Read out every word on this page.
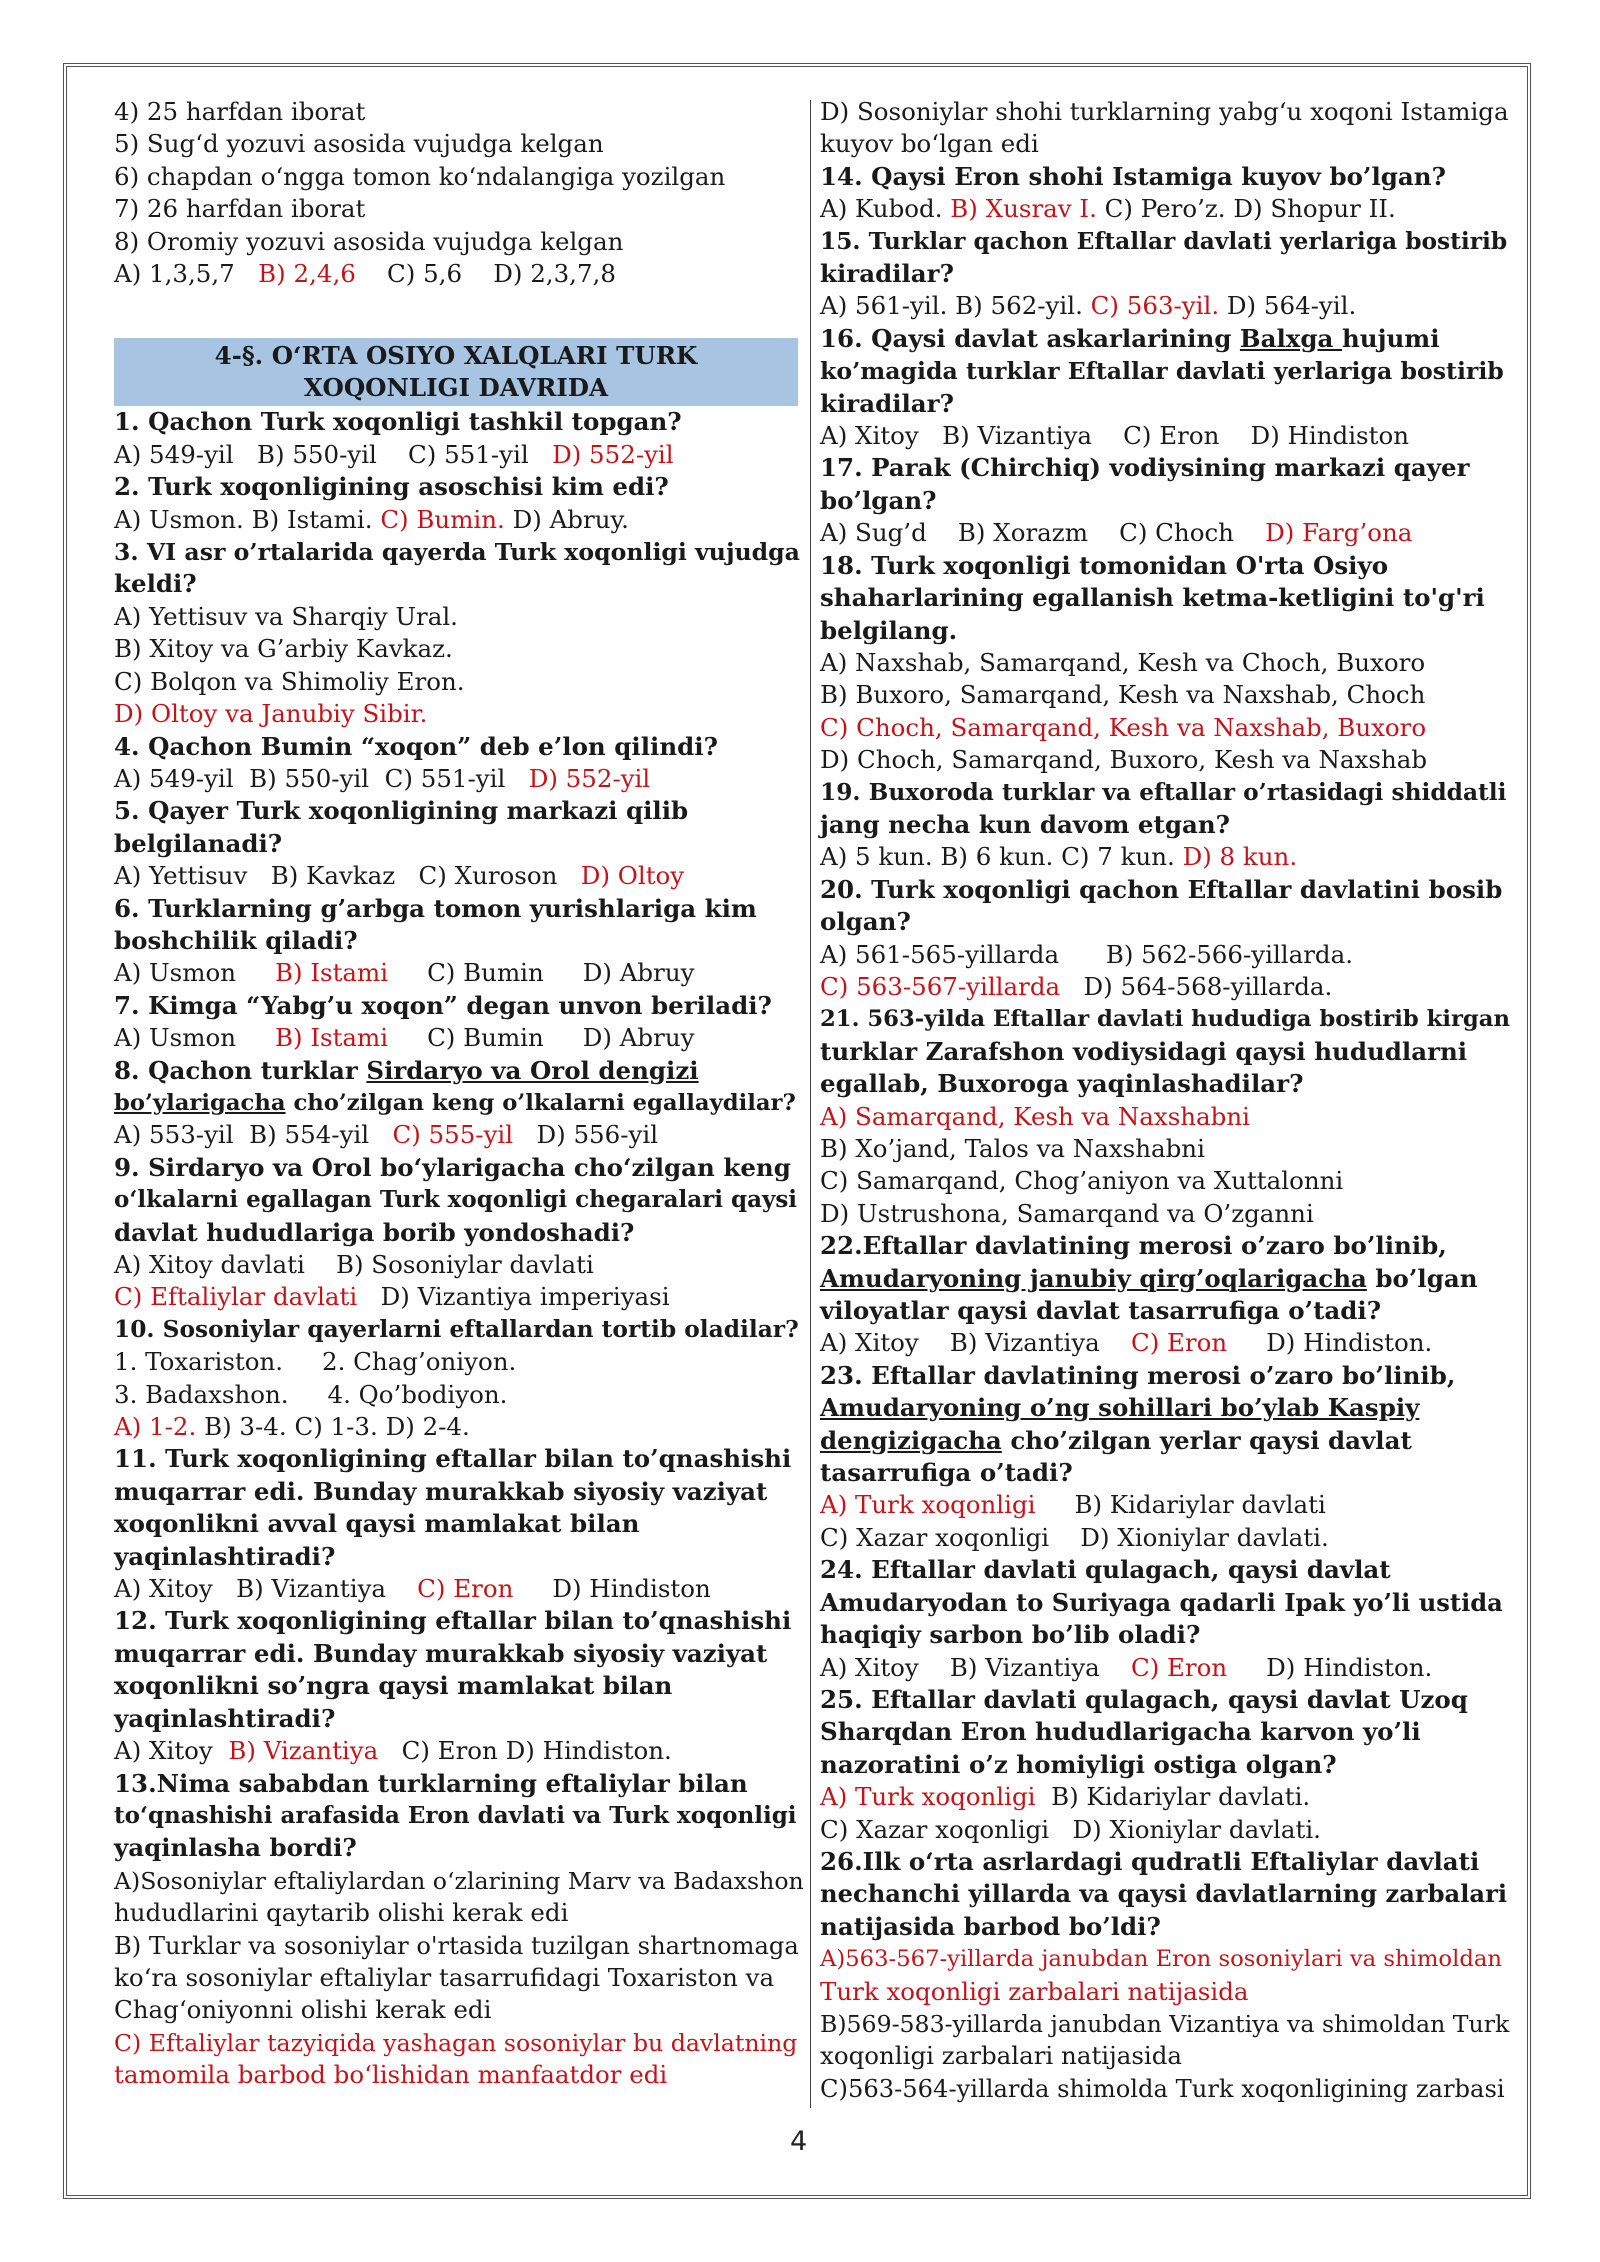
4) 25 harfdan iborat
5) Sug‘d yozuvi asosida vujudga kelgan
6) chapdan o‘ngga tomon ko‘ndalangiga yozilgan
7) 26 harfdan iborat
8) Oromiy yozuvi asosida vujudga kelgan
A) 1,3,5,7 B) 2,4,6 C) 5,6 D) 2,3,7,8
4-§. O‘RTA OSIYO XALQLARI TURK
XOQONLIGI DAVRIDA
1. Qachon Turk xoqonligi tashkil topgan?
A) 549-yil B) 550-yil C) 551-yil D) 552-yil
2. Turk xoqonligining asoschisi kim edi?
A) Usmon. B) Istami. C) Bumin. D) Abruy.
3. VI asr o’rtalarida qayerda Turk xoqonligi vujudga
keldi?
A) Yettisuv va Sharqiy Ural.
B) Xitoy va G’arbiy Kavkaz.
C) Bolqon va Shimoliy Eron.
D) Oltoy va Janubiy Sibir.
4. Qachon Bumin “xoqon” deb e’lon qilindi?
A) 549-yil B) 550-yil C) 551-yil D) 552-yil
5. Qayer Turk xoqonligining markazi qilib
belgilanadi?
A) Yettisuv B) Kavkaz C) Xuroson D) Oltoy
6. Turklarning g’arbga tomon yurishlariga kim
boshchilik qiladi?
A) Usmon B) Istami C) Bumin D) Abruy
7. Kimga “Yabg’u xoqon” degan unvon beriladi?
A) Usmon B) Istami C) Bumin D) Abruy
8. Qachon turklar Sirdaryo va Orol dengizi
bo’ylarigacha cho’zilgan keng o’lkalarni egallaydilar?
A) 553-yil B) 554-yil C) 555-yil D) 556-yil
9. Sirdaryo va Orol bo‘ylarigacha cho‘zilgan keng
o‘lkalarni egallagan Turk xoqonligi chegaralari qaysi
davlat hududlariga borib yondoshadi?
A) Xitoy davlati B) Sosoniylar davlati
C) Eftaliylar davlati D) Vizantiya imperiyasi
10. Sosoniylar qayerlarni eftallardan tortib oladilar?
1. Toxariston. 2. Chag’oniyon.
3. Badaxshon. 4. Qo’bodiyon.
A) 1-2. B) 3-4. C) 1-3. D) 2-4.
11. Turk xoqonligining eftallar bilan to’qnashishi
muqarrar edi. Bunday murakkab siyosiy vaziyat
xoqonlikni avval qaysi mamlakat bilan
yaqinlashtiradi?
A) Xitoy B) Vizantiya C) Eron D) Hindiston
12. Turk xoqonligining eftallar bilan to’qnashishi
muqarrar edi. Bunday murakkab siyosiy vaziyat
xoqonlikni so’ngra qaysi mamlakat bilan
yaqinlashtiradi?
A) Xitoy B) Vizantiya C) Eron D) Hindiston.
13.Nima sababdan turklarning eftaliylar bilan
to‘qnashishi arafasida Eron davlati va Turk xoqonligi
yaqinlasha bordi?
A)Sosoniylar eftaliylardan o‘zlarining Marv va Badaxshon
hududlarini qaytarib olishi kerak edi
B) Turklar va sosoniylar o'rtasida tuzilgan shartnomaga
ko‘ra sosoniylar eftaliylar tasarrufidagi Toxariston va
Chag‘oniyonni olishi kerak edi
C) Eftaliylar tazyiqida yashagan sosoniylar bu davlatning
tamomila barbod bo‘lishidan manfaatdor edi
D) Sosoniylar shohi turklarning yabg‘u xoqoni Istamiga
kuyov bo‘lgan edi
14. Qaysi Eron shohi Istamiga kuyov bo’lgan?
A) Kubod. B) Xusrav I. C) Pero’z. D) Shopur II.
15. Turklar qachon Eftallar davlati yerlariga bostirib
kiradilar?
A) 561-yil. B) 562-yil. C) 563-yil. D) 564-yil.
16. Qaysi davlat askarlarining Balxga hujumi
ko’magida turklar Eftallar davlati yerlariga bostirib
kiradilar?
A) Xitoy B) Vizantiya C) Eron D) Hindiston
17. Parak (Chirchiq) vodiysining markazi qayer
bo’lgan?
A) Sug’d B) Xorazm C) Choch D) Farg’ona
18. Turk xoqonligi tomonidan O'rta Osiyo
shaharlarining egallanish ketma-ketligini to'g'ri
belgilang.
A) Naxshab, Samarqand, Kesh va Choch, Buxoro
B) Buxoro, Samarqand, Kesh va Naxshab, Choch
C) Choch, Samarqand, Kesh va Naxshab, Buxoro
D) Choch, Samarqand, Buxoro, Kesh va Naxshab
19. Buxoroda turklar va eftallar o’rtasidagi shiddatli
jang necha kun davom etgan?
A) 5 kun. B) 6 kun. C) 7 kun. D) 8 kun.
20. Turk xoqonligi qachon Eftallar davlatini bosib
olgan?
A) 561-565-yillarda B) 562-566-yillarda.
C) 563-567-yillarda D) 564-568-yillarda.
21. 563-yilda Eftallar davlati hududiga bostirib kirgan
turklar Zarafshon vodiysidagi qaysi hududlarni
egallab, Buxoroga yaqinlashadilar?
A) Samarqand, Kesh va Naxshabni
B) Xo’jand, Talos va Naxshabni
C) Samarqand, Chog’aniyon va Xuttalonni
D) Ustrushona, Samarqand va O’zganni
22.Eftallar davlatining merosi o’zaro bo’linib,
Amudaryoning janubiy qirg’oqlarigacha bo’lgan
viloyatlar qaysi davlat tasarrufiga o’tadi?
A) Xitoy B) Vizantiya C) Eron D) Hindiston.
23. Eftallar davlatining merosi o’zaro bo’linib,
Amudaryoning o’ng sohillari bo’ylab Kaspiy
dengizigacha cho’zilgan yerlar qaysi davlat
tasarrufiga o’tadi?
A) Turk xoqonligi B) Kidariylar davlati
C) Xazar xoqonligi D) Xioniylar davlati.
24. Eftallar davlati qulagach, qaysi davlat
Amudaryodan to Suriyaga qadarli Ipak yo’li ustida
haqiqiy sarbon bo’lib oladi?
A) Xitoy B) Vizantiya C) Eron D) Hindiston.
25. Eftallar davlati qulagach, qaysi davlat Uzoq
Sharqdan Eron hududlarigacha karvon yo’li
nazoratini o’z homiyligi ostiga olgan?
A) Turk xoqonligi B) Kidariylar davlati.
C) Xazar xoqonligi D) Xioniylar davlati.
26.Ilk o‘rta asrlardagi qudratli Eftaliylar davlati
nechanchi yillarda va qaysi davlatlarning zarbalari
natijasida barbod bo’ldi?
A)563-567-yillarda janubdan Eron sosoniylari va shimoldan
Turk xoqonligi zarbalari natijasida
B)569-583-yillarda janubdan Vizantiya va shimoldan Turk
xoqonligi zarbalari natijasida
C)563-564-yillarda shimolda Turk xoqonligining zarbasi
4
